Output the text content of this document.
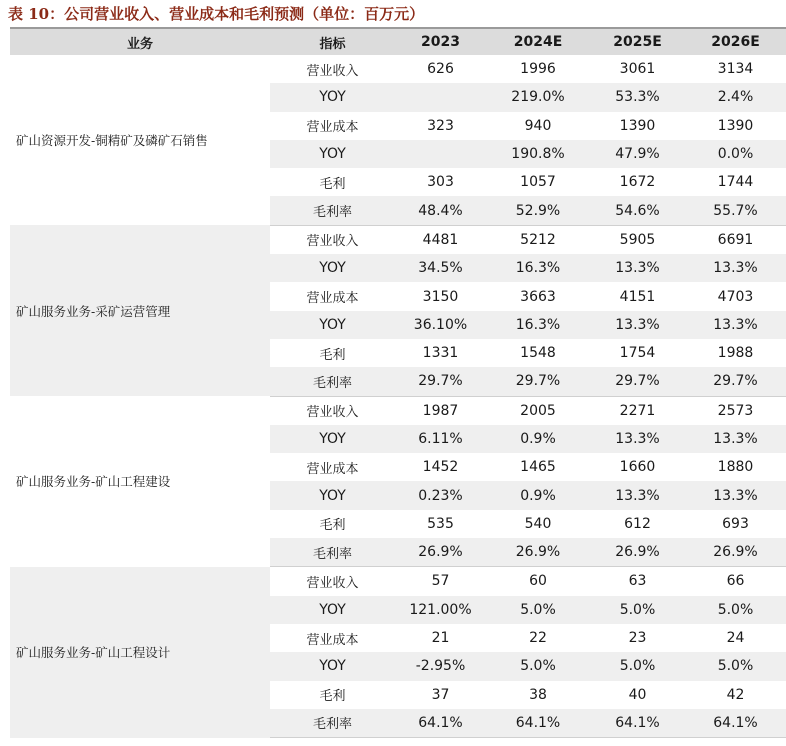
表 10：公司营业收入、营业成本和毛利预测（单位：百万元）
业务	指标	2023	2024E	2025E	2026E
矿山资源开发-铜精矿及磷矿石销售	营业收入	626	1996	3061	3134
	YOY		219.0%	53.3%	2.4%
	营业成本	323	940	1390	1390
	YOY		190.8%	47.9%	0.0%
	毛利	303	1057	1672	1744
	毛利率	48.4%	52.9%	54.6%	55.7%
矿山服务业务-采矿运营管理	营业收入	4481	5212	5905	6691
	YOY	34.5%	16.3%	13.3%	13.3%
	营业成本	3150	3663	4151	4703
	YOY	36.10%	16.3%	13.3%	13.3%
	毛利	1331	1548	1754	1988
	毛利率	29.7%	29.7%	29.7%	29.7%
矿山服务业务-矿山工程建设	营业收入	1987	2005	2271	2573
	YOY	6.11%	0.9%	13.3%	13.3%
	营业成本	1452	1465	1660	1880
	YOY	0.23%	0.9%	13.3%	13.3%
	毛利	535	540	612	693
	毛利率	26.9%	26.9%	26.9%	26.9%
矿山服务业务-矿山工程设计	营业收入	57	60	63	66
	YOY	121.00%	5.0%	5.0%	5.0%
	营业成本	21	22	23	24
	YOY	-2.95%	5.0%	5.0%	5.0%
	毛利	37	38	40	42
	毛利率	64.1%	64.1%	64.1%	64.1%
